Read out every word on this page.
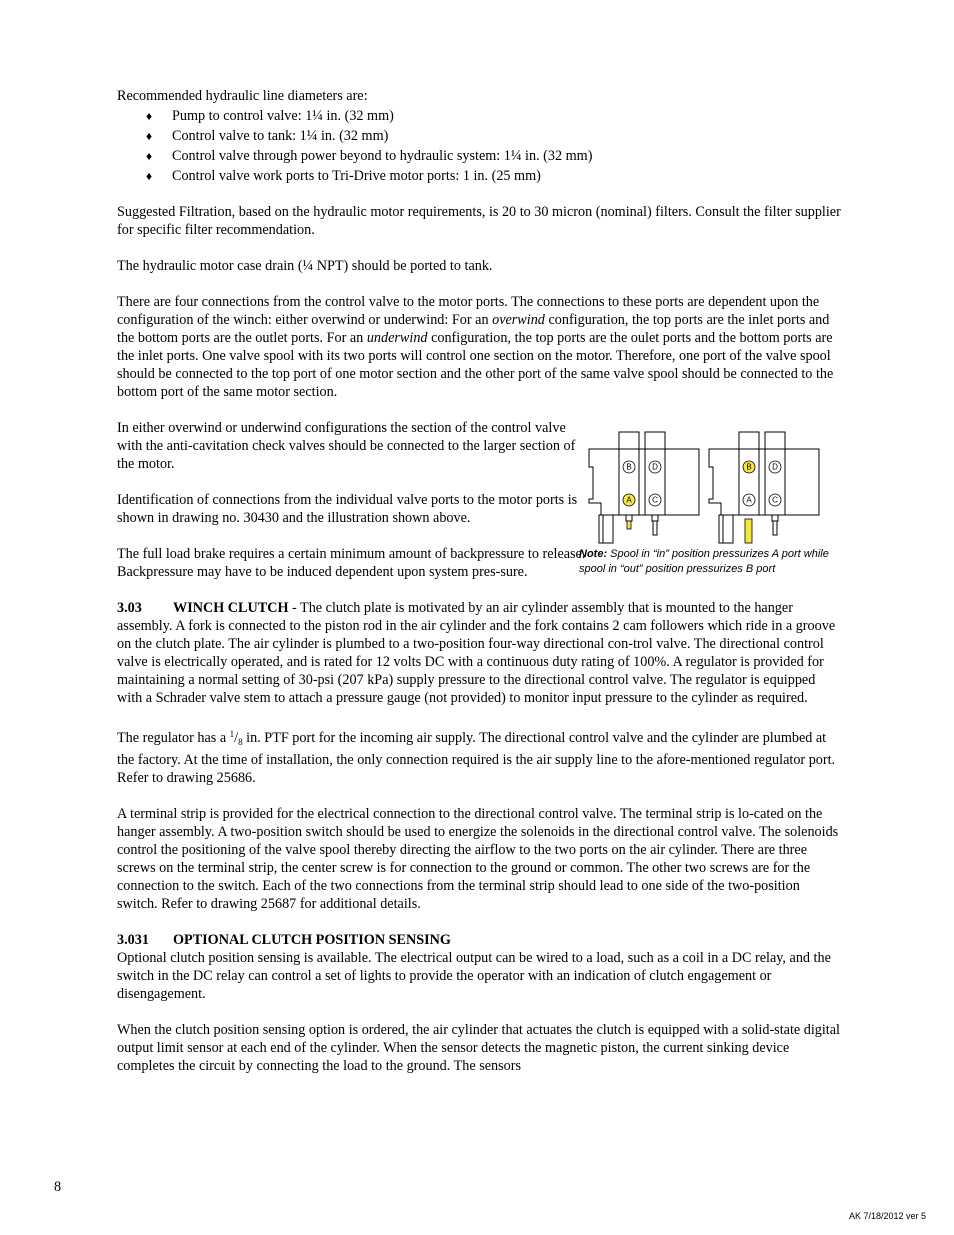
Recommended hydraulic line diameters are:

♦ Pump to control valve: 1¼ in. (32 mm)
♦ Control valve to tank: 1¼ in. (32 mm)
♦ Control valve through power beyond to hydraulic system: 1¼ in. (32 mm)
♦ Control valve work ports to Tri-Drive motor ports: 1 in. (25 mm)

Suggested Filtration, based on the hydraulic motor requirements, is 20 to 30 micron (nominal) filters. Consult the filter supplier for specific filter recommendation.

The hydraulic motor case drain (¼ NPT) should be ported to tank.

There are four connections from the control valve to the motor ports. The connections to these ports are dependent upon the configuration of the winch: either overwind or underwind: For an overwind configuration, the top ports are the inlet ports and the bottom ports are the outlet ports. For an underwind configuration, the top ports are the oulet ports and the bottom ports are the inlet ports. One valve spool with its two ports will control one section on the motor. Therefore, one port of the valve spool should be connected to the top port of one motor section and the other port of the same valve spool should be connected to the bottom port of the same motor section.

In either overwind or underwind configurations the section of the control valve with the anti-cavitation check valves should be connected to the larger section of the motor.

Identification of connections from the individual valve ports to the motor ports is shown in drawing no. 30430 and the illustration shown above.

The full load brake requires a certain minimum amount of backpressure to release. Backpressure may have to be induced dependent upon system pres-sure.

B	D
A	C
B	D
A	C

Note: Spool in “in” position pressurizes A port while spool in “out” position pressurizes B port

3.03 WINCH CLUTCH - The clutch plate is motivated by an air cylinder assembly that is mounted to the hanger assembly. A fork is connected to the piston rod in the air cylinder and the fork contains 2 cam followers which ride in a groove on the clutch plate. The air cylinder is plumbed to a two-position four-way directional con-trol valve. The directional control valve is electrically operated, and is rated for 12 volts DC with a continuous duty rating of 100%. A regulator is provided for maintaining a normal setting of 30-psi (207 kPa) supply pressure to the directional control valve. The regulator is equipped with a Schrader valve stem to attach a pressure gauge (not provided) to monitor input pressure to the cylinder as required.

The regulator has a $^1/_8$ in. PTF port for the incoming air supply. The directional control valve and the cylinder are plumbed at the factory. At the time of installation, the only connection required is the air supply line to the afore-mentioned regulator port. Refer to drawing 25686.

A terminal strip is provided for the electrical connection to the directional control valve. The terminal strip is lo-cated on the hanger assembly. A two-position switch should be used to energize the solenoids in the directional control valve. The solenoids control the positioning of the valve spool thereby directing the airflow to the two ports on the air cylinder. There are three screws on the terminal strip, the center screw is for connection to the ground or common. The other two screws are for the connection to the switch. Each of the two connections from the terminal strip should lead to one side of the two-position switch. Refer to drawing 25687 for additional details.

3.031 OPTIONAL CLUTCH POSITION SENSING

Optional clutch position sensing is available. The electrical output can be wired to a load, such as a coil in a DC relay, and the switch in the DC relay can control a set of lights to provide the operator with an indication of clutch engagement or disengagement.

When the clutch position sensing option is ordered, the air cylinder that actuates the clutch is equipped with a solid-state digital output limit sensor at each end of the cylinder. When the sensor detects the magnetic piston, the current sinking device completes the circuit by connecting the load to the ground. The sensors

8
AK 7/18/2012 ver 5
